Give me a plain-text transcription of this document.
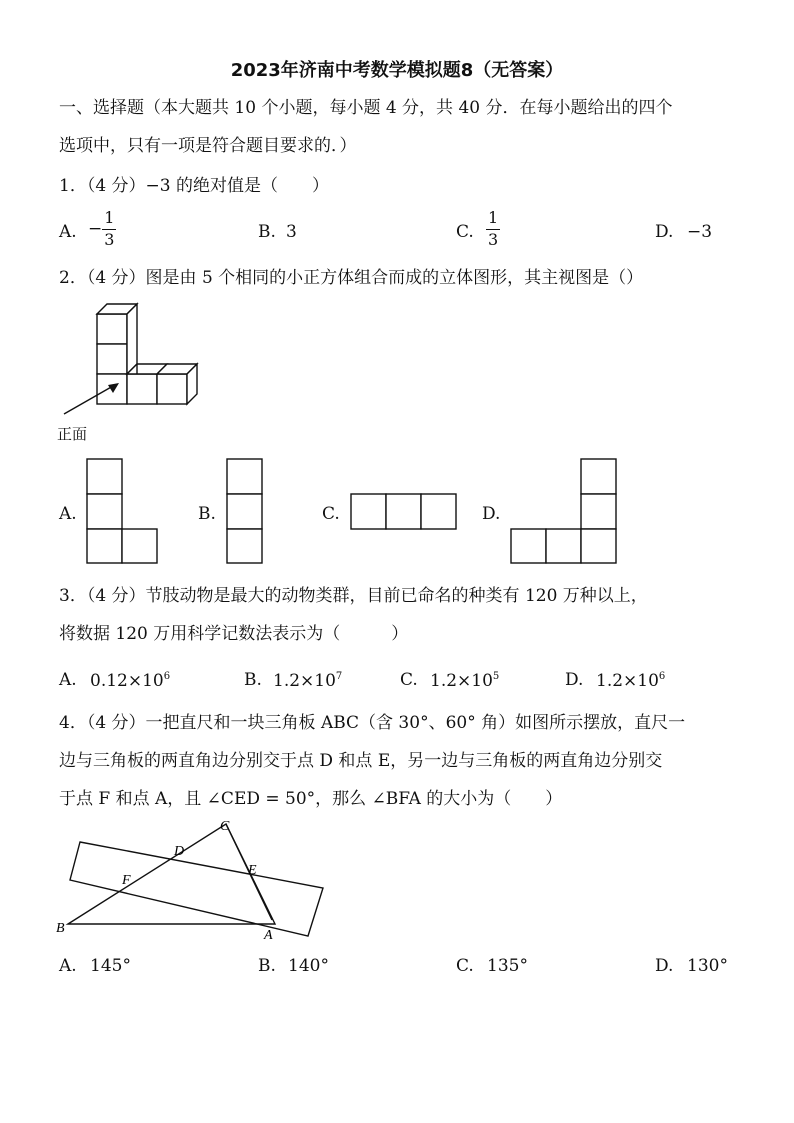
2023年济南中考数学模拟题8（无答案）
一、选择题（本大题共 10 个小题，每小题 4 分，共 40 分．在每小题给出的四个
选项中，只有一项是符合题目要求的．）
1．（4 分）−3 的绝对值是（　　）
A. − $\frac{1}{3}$	B. 3	C. $\frac{1}{3}$	D. −3
2．（4 分）图是由 5 个相同的小正方体组合而成的立体图形，其主视图是（）
正面
A.	B.	C.	D.
3．（4 分）节肢动物是最大的动物类群，目前已命名的种类有 120 万种以上，
将数据 120 万用科学记数法表示为（　　　）
A. $0.12\times 10^6$	B. $1.2\times 10^7$	C. $1.2\times 10^5$	D. $1.2\times 10^6$
4．（4 分）一把直尺和一块三角板 ABC（含 30°、60° 角）如图所示摆放，直尺一
边与三角板的两直角边分别交于点 D 和点 E，另一边与三角板的两直角边分别交
于点 F 和点 A，且 ∠CED = 50°，那么 ∠BFA 的大小为（　　）
C
D
E
F
B	A
A. 145°	B. 140°	C. 135°	D. 130°
